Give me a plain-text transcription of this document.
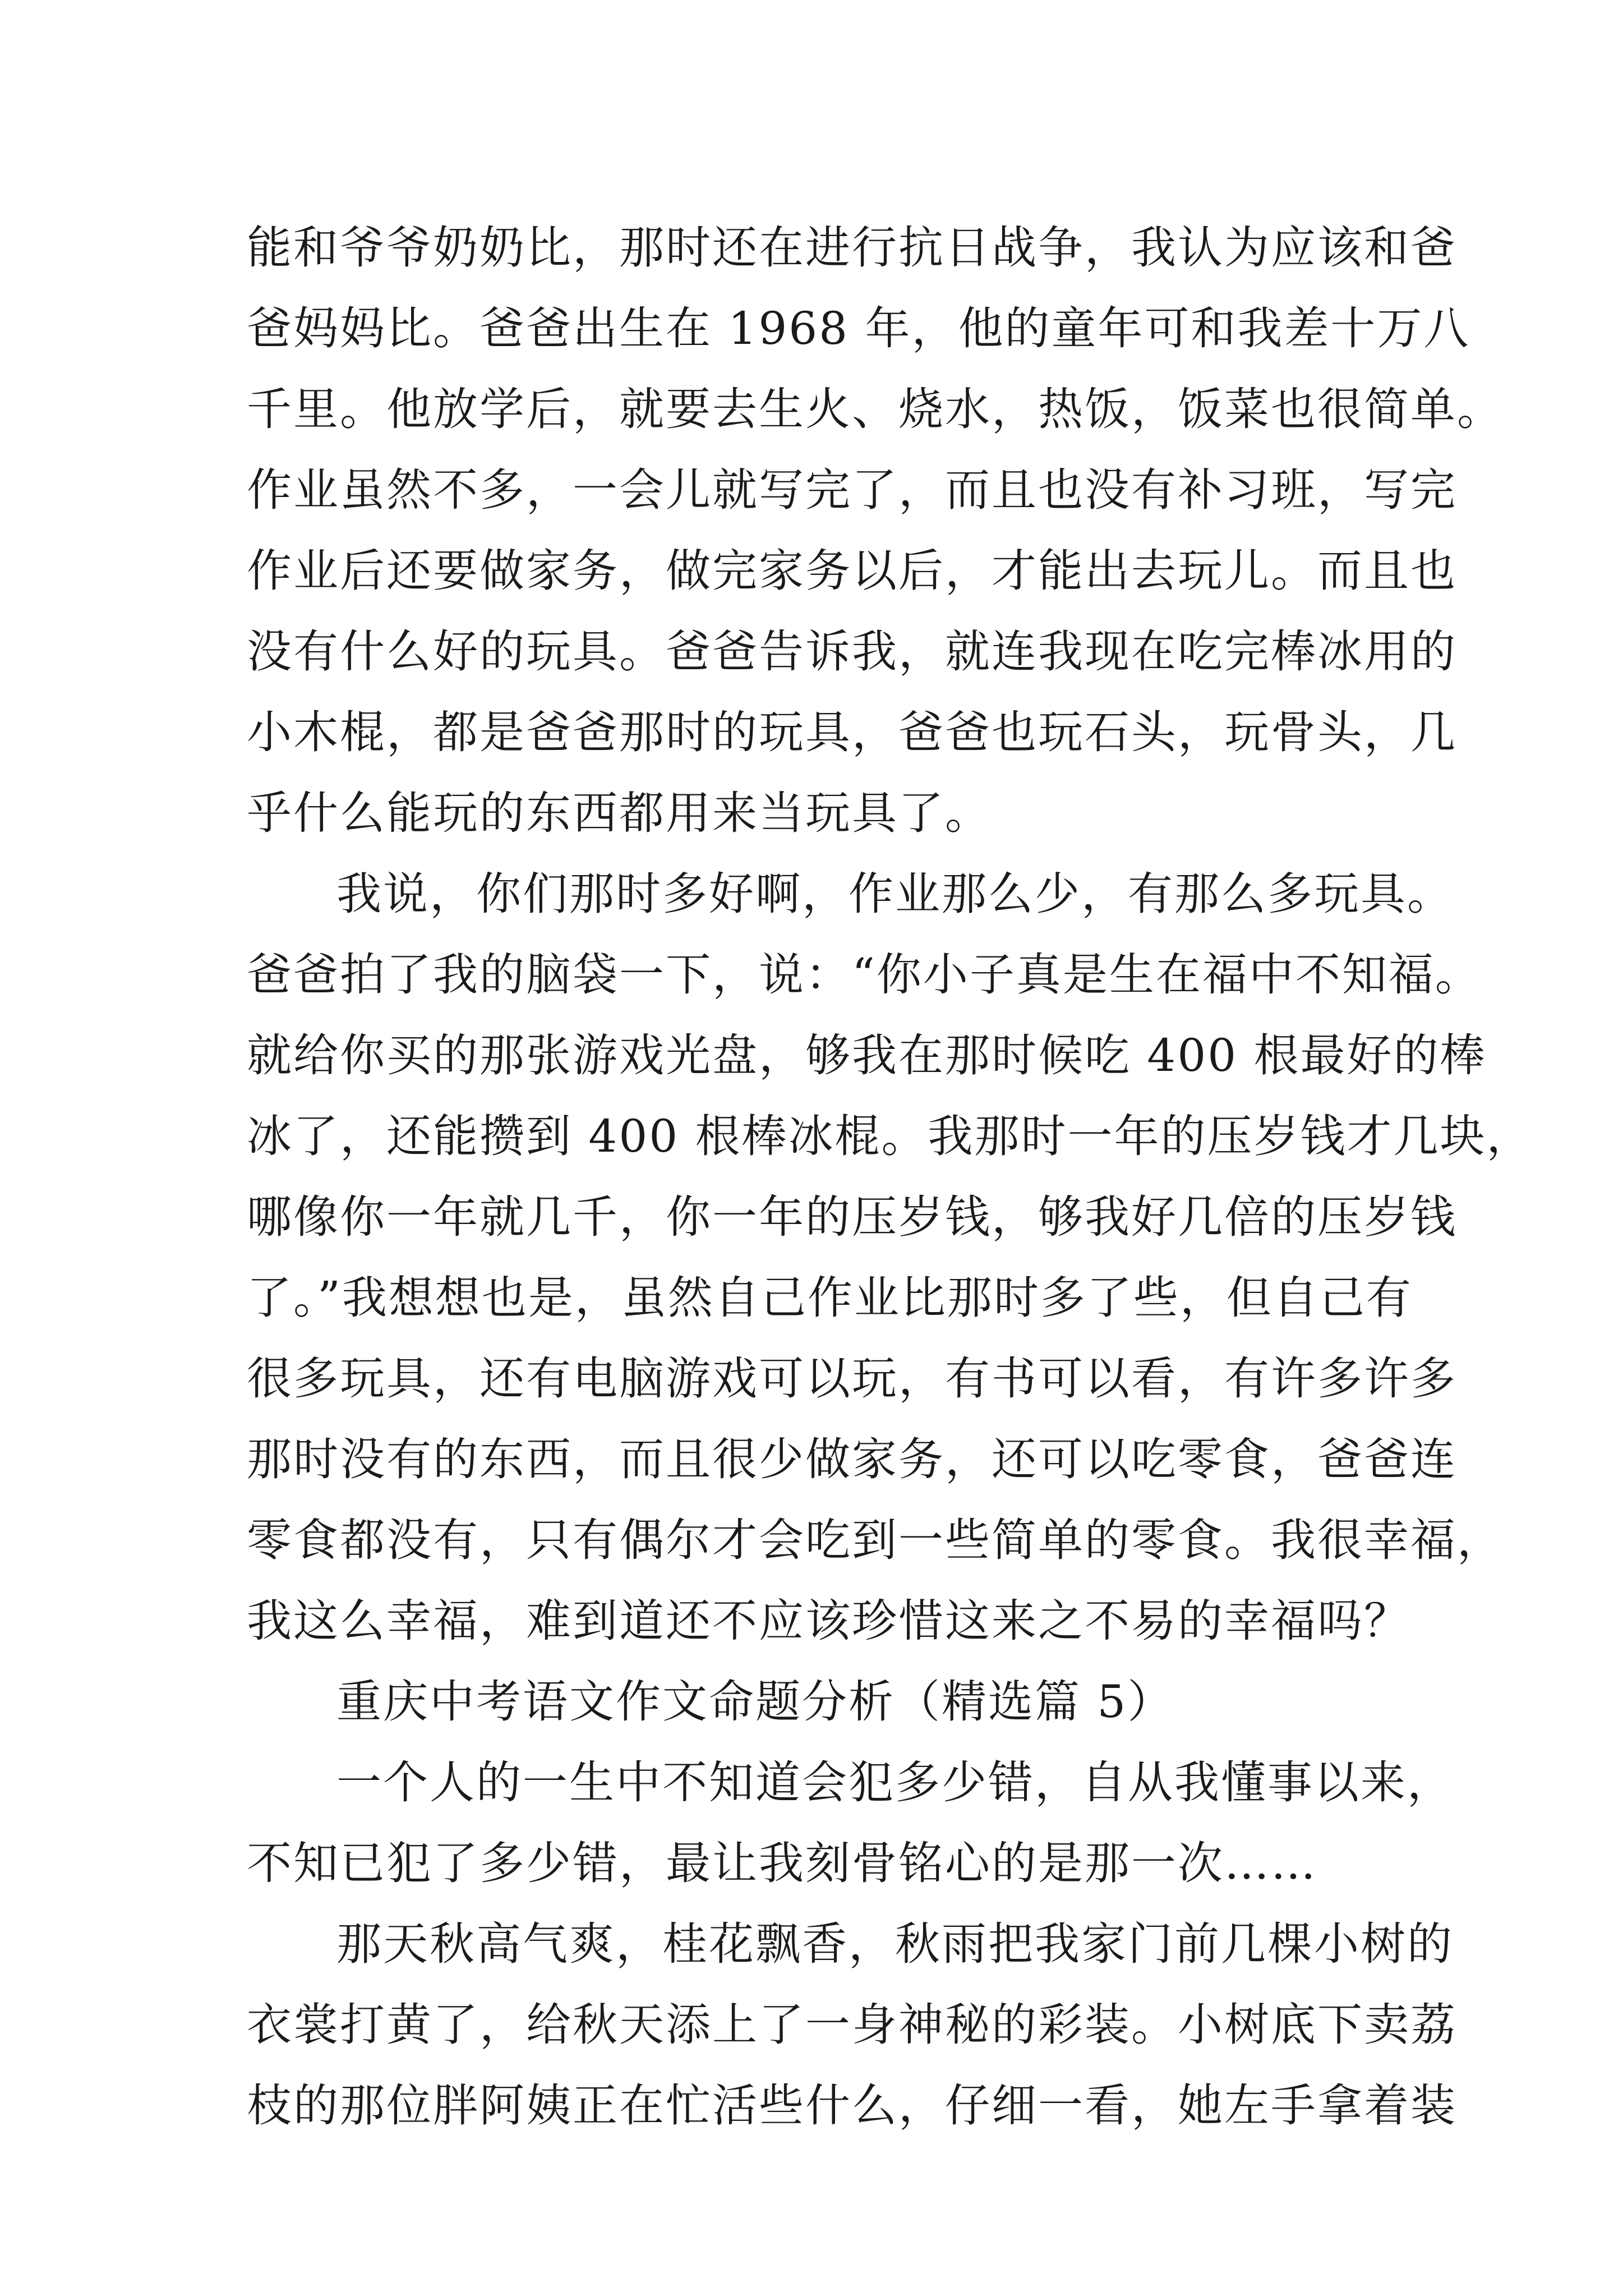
能和爷爷奶奶比，那时还在进行抗日战争，我认为应该和爸
爸妈妈比。爸爸出生在 1968 年，他的童年可和我差十万八
千里。他放学后，就要去生火、烧水，热饭，饭菜也很简单。
作业虽然不多，一会儿就写完了，而且也没有补习班，写完
作业后还要做家务，做完家务以后，才能出去玩儿。而且也
没有什么好的玩具。爸爸告诉我，就连我现在吃完棒冰用的
小木棍，都是爸爸那时的玩具，爸爸也玩石头，玩骨头，几
乎什么能玩的东西都用来当玩具了。
我说，你们那时多好啊，作业那么少，有那么多玩具。
爸爸拍了我的脑袋一下，说：“你小子真是生在福中不知福。
就给你买的那张游戏光盘，够我在那时候吃 400 根最好的棒
冰了，还能攒到 400 根棒冰棍。我那时一年的压岁钱才几块，
哪像你一年就几千，你一年的压岁钱，够我好几倍的压岁钱
了。”我想想也是，虽然自己作业比那时多了些，但自己有
很多玩具，还有电脑游戏可以玩，有书可以看，有许多许多
那时没有的东西，而且很少做家务，还可以吃零食，爸爸连
零食都没有，只有偶尔才会吃到一些简单的零食。我很幸福，
我这么幸福，难到道还不应该珍惜这来之不易的幸福吗？
重庆中考语文作文命题分析（精选篇 5）
一个人的一生中不知道会犯多少错，自从我懂事以来，
不知已犯了多少错，最让我刻骨铭心的是那一次……
那天秋高气爽，桂花飘香，秋雨把我家门前几棵小树的
衣裳打黄了，给秋天添上了一身神秘的彩装。小树底下卖荔
枝的那位胖阿姨正在忙活些什么，仔细一看，她左手拿着装
